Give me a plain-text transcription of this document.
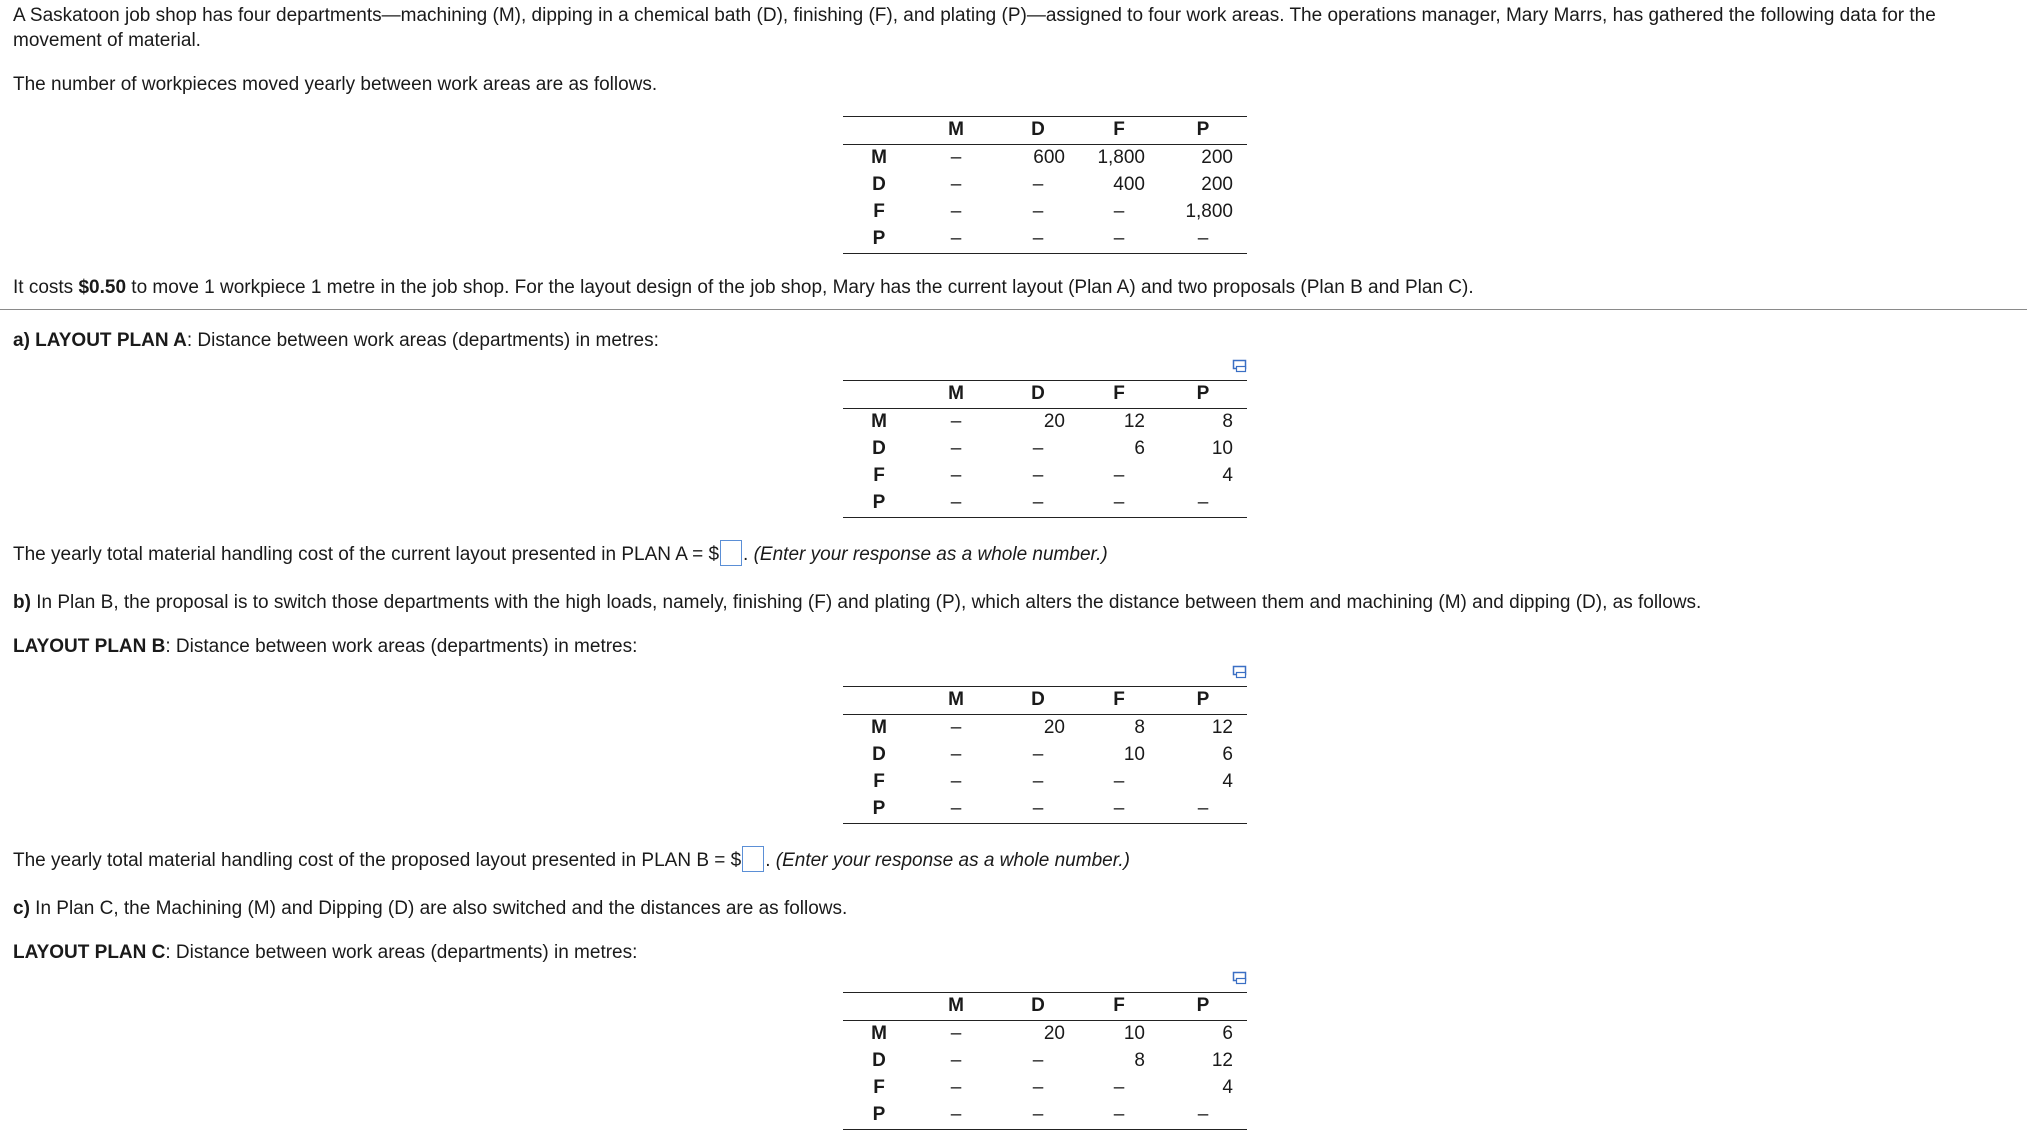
A Saskatoon job shop has four departments—machining (M), dipping in a chemical bath (D), finishing (F), and plating (P)—assigned to four work areas. The operations manager, Mary Marrs, has gathered the following data for the movement of material.

The number of workpieces moved yearly between work areas are as follows.

	M	D	F	P
M	–	600	1,800	200
D	–	–	400	200
F	–	–	–	1,800
P	–	–	–	–

It costs $0.50 to move 1 workpiece 1 metre in the job shop. For the layout design of the job shop, Mary has the current layout (Plan A) and two proposals (Plan B and Plan C).

a) LAYOUT PLAN A: Distance between work areas (departments) in metres:

	M	D	F	P
M	–	20	12	8
D	–	–	6	10
F	–	–	–	4
P	–	–	–	–

The yearly total material handling cost of the current layout presented in PLAN A = $ . (Enter your response as a whole number.)

b) In Plan B, the proposal is to switch those departments with the high loads, namely, finishing (F) and plating (P), which alters the distance between them and machining (M) and dipping (D), as follows.

LAYOUT PLAN B: Distance between work areas (departments) in metres:

	M	D	F	P
M	–	20	8	12
D	–	–	10	6
F	–	–	–	4
P	–	–	–	–

The yearly total material handling cost of the proposed layout presented in PLAN B = $ . (Enter your response as a whole number.)

c) In Plan C, the Machining (M) and Dipping (D) are also switched and the distances are as follows.

LAYOUT PLAN C: Distance between work areas (departments) in metres:

	M	D	F	P
M	–	20	10	6
D	–	–	8	12
F	–	–	–	4
P	–	–	–	–
